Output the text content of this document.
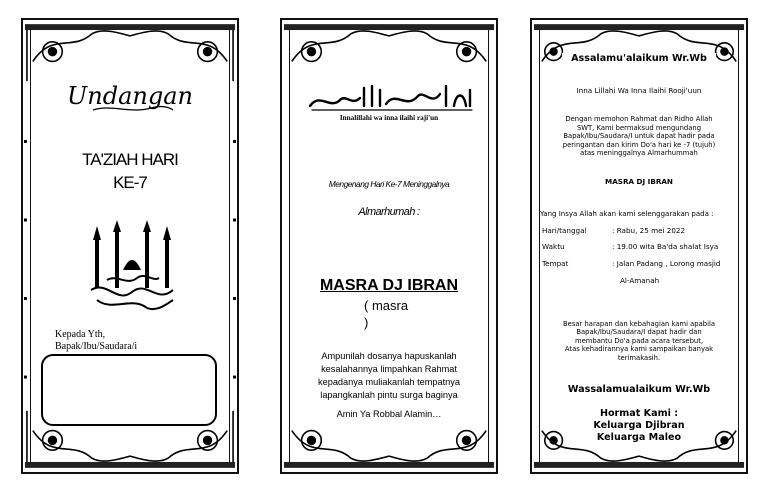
Undangan
TA'ZIAH HARI
KE-7
Kepada Yth,
Bapak/Ibu/Saudara/i
Innalillahi wa inna ilaihi raji'un
Mengenang Hari Ke-7 Meninggalnya
Almarhumah :
MASRA DJ IBRAN
( masra
)
Ampunilah dosanya hapuskanlah
kesalahannya limpahkan Rahmat
kepadanya muliakanlah tempatnya
lapangkanlah pintu surga baginya
Amin Ya Robbal Alamin…
Assalamu'alaikum Wr.Wb
Inna Lillahi Wa Inna Ilaihi Rooji'uun
Dengan memohon Rahmat dan Ridho Allah
SWT, Kami bermaksud mengundang
Bapak/Ibu/Saudara/I untuk dapat hadir pada
peringantan dan kirim Do'a hari ke -7 (tujuh)
atas meninggalnya Almarhummah
MASRA DJ IBRAN
Yang Insya Allah akan kami selenggarakan pada :
Hari/tanggal	: Rabu, 25 mei 2022
Waktu	: 19.00 wita Ba'da shalat Isya
Tempat	: Jalan Padang , Lorong masjid
Al-Amanah
Besar harapan dan kebahagian kami apabila
Bapak/Ibu/Saudara/I dapat hadir dan
membantu Do'a pada acara tersebut,
Atas kehadirannya kami sampaikan banyak
terimakasih.
Wassalamualaikum Wr.Wb
Hormat Kami :
Keluarga Djibran
Keluarga Maleo
